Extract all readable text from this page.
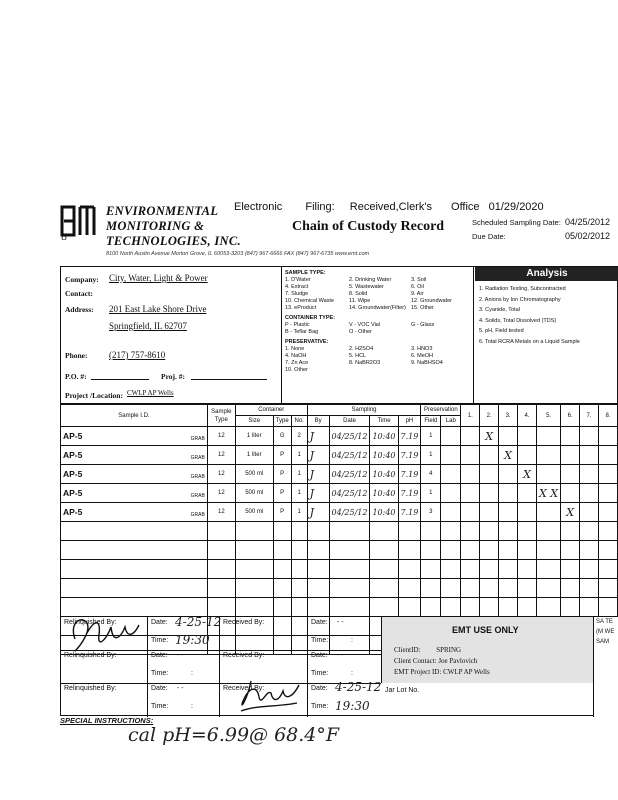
Electronic Filing: Received,Clerk's Office 01/29/2020
ENVIRONMENTAL
MONITORING &
TECHNOLOGIES, INC.
8100 North Austin Avenue Morton Grove, IL 60053-3203 (847) 967-6666 FAX (847) 967-6735 www.emt.com
Chain of Custody Record	Scheduled Sampling Date:
Due Date:
04/25/2012
05/02/2012
Company: City, Water, Light & Power
Contact:
Address: 201 East Lake Shore Drive
Springfield, IL 62707
Phone: (217) 757-8610
P.O. #:	Proj. #:
Project /Location: CWLP AP Wells
SAMPLE TYPE:
1. D'Water	2. Drinking Water	3. Soil
4. Extract	5. Wastewater	6. Oil
7. Sludge	8. Solid	9. Air
10. Chemical Waste	11. Wipe	12. Groundwater
13. eProduct	14. Groundwater(Filter) 15. Other
CONTAINER TYPE:
P - Plastic	V - VOC Vial	G - Glass
B - Teflar Bag	O - Other
PRESERVATIVE:
1. None	2. H2SO4	3. HNO3
4. NaOH	5. HCL	6. MeOH
7. Zn Ace	8. NaBR2O3	9. NaBHSO4
10. Other
Analysis
1. Radiation Testing, Subcontracted
2. Anions by Ion Chromatography
3. Cyanide, Total
4. Solids, Total Dissolved (TDS)
5. pH, Field tested
6. Total RCRA Metals on a Liquid Sample
Sample I.D.	Sample Type	Container			Sampling				Preservation		1.	2.	3.	4.	5.	6.	7.	8.
		Size	Type	No.	By	Date	Time	pH	Field	Lab								
AP-5 GRAB	12	1 liter	G	2	J	04/25/12	10:40	7.19	1			X						
AP-5 GRAB	12	1 liter	P	1	J	04/25/12	10:40	7.19	1				X					
AP-5 GRAB	12	500 ml	P	1	J	04/25/12	10:40	7.19	4					X				
AP-5 GRAB	12	500 ml	P	1	J	04/25/12	10:40	7.19	1						X X			
AP-5 GRAB	12	500 ml	P	1	J	04/25/12	10:40	7.19	3							X		

Relinquished By:	Date: 4-25-12
Time: 19:30
Received By:	Date: - -
Time:	:
Relinquished By:	Date: - -
Time:	:
Received By:	Date: - -
Time:	:
Relinquished By:	Date: - -
Time:	:
Received By:	Date: 4-25-12
Time: 19:30
Jar Lot No.
EMT USE ONLY
ClientID: SPRING
Client Contact: Joe Pavlovich
EMT Project ID: CWLP AP Wells
SA TE (M WE SAM
SPECIAL INSTRUCTIONS:
cal pH=6.99@ 68.4°F
